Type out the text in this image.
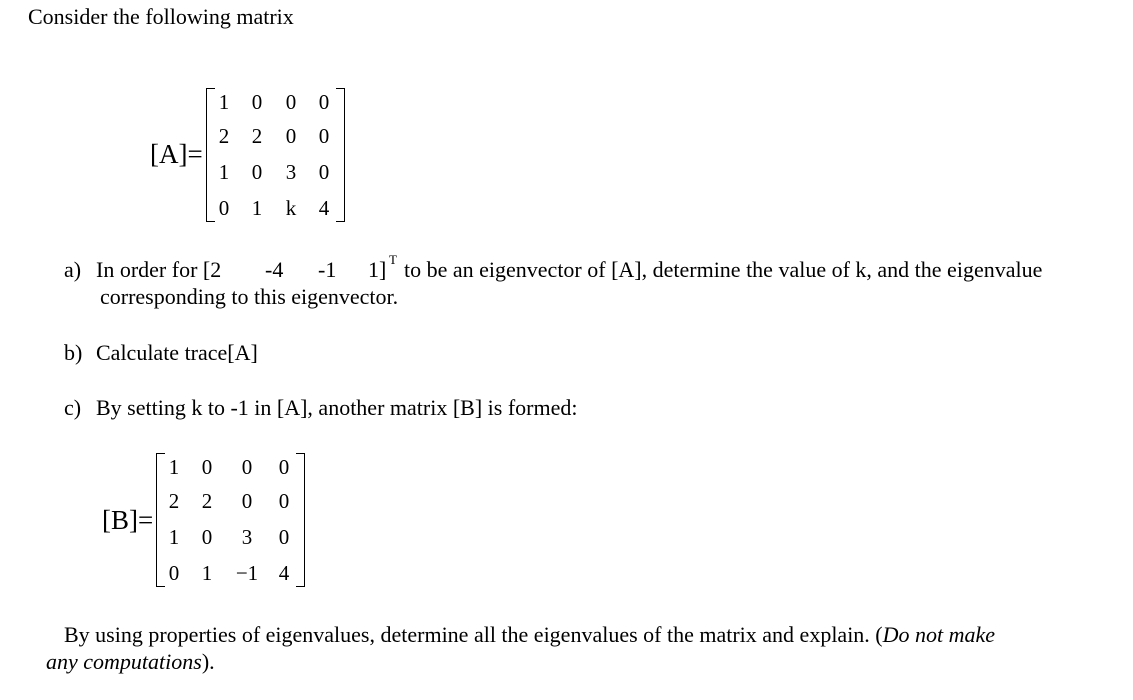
Consider the following matrix
[A]=
1	0	0	0
2	2	0	0
1	0	3	0
0	1	k	4
a) In order for [2 -4 -1 1] T to be an eigenvector of [A], determine the value of k, and the eigenvalue
corresponding to this eigenvector.
b) Calculate trace[A]
c) By setting k to -1 in [A], another matrix [B] is formed:
[B]=
1	0	0	0
2	2	0	0
1	0	3	0
0	1	−1 4
By using properties of eigenvalues, determine all the eigenvalues of the matrix and explain. (Do not make
any computations).
